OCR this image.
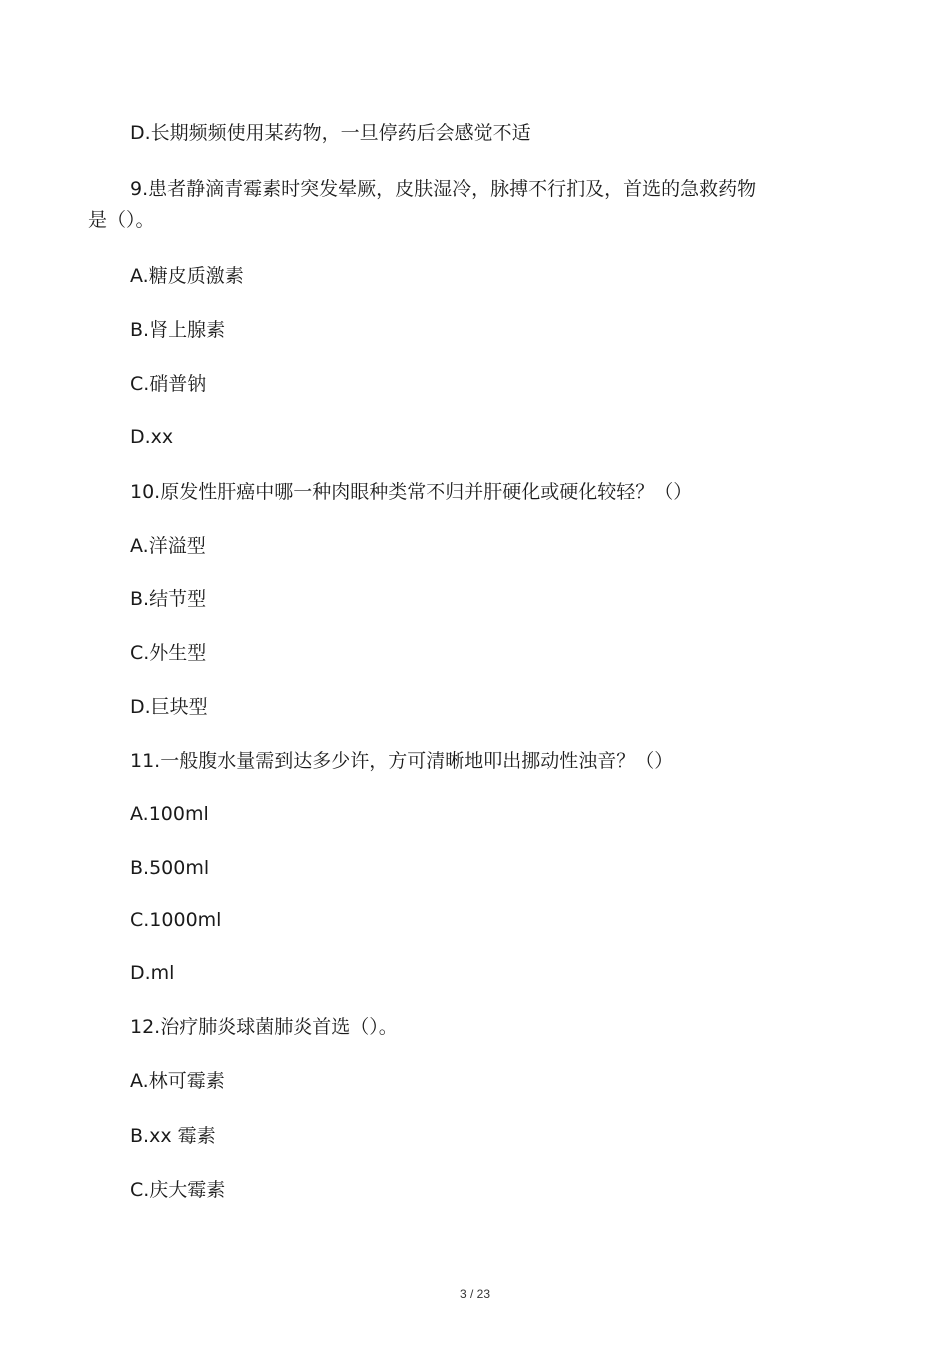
D.长期频频使用某药物，一旦停药后会感觉不适
9.患者静滴青霉素时突发晕厥，皮肤湿冷，脉搏不行扪及，首选的急救药物
是（）。
A.糖皮质激素
B.肾上腺素
C.硝普钠
D.xx
10.原发性肝癌中哪一种肉眼种类常不归并肝硬化或硬化较轻？（）
A.洋溢型
B.结节型
C.外生型
D.巨块型
11.一般腹水量需到达多少许，方可清晰地叩出挪动性浊音？（）
A.100ml
B.500ml
C.1000ml
D.ml
12.治疗肺炎球菌肺炎首选（）。
A.林可霉素
B.xx 霉素
C.庆大霉素
3 / 23
